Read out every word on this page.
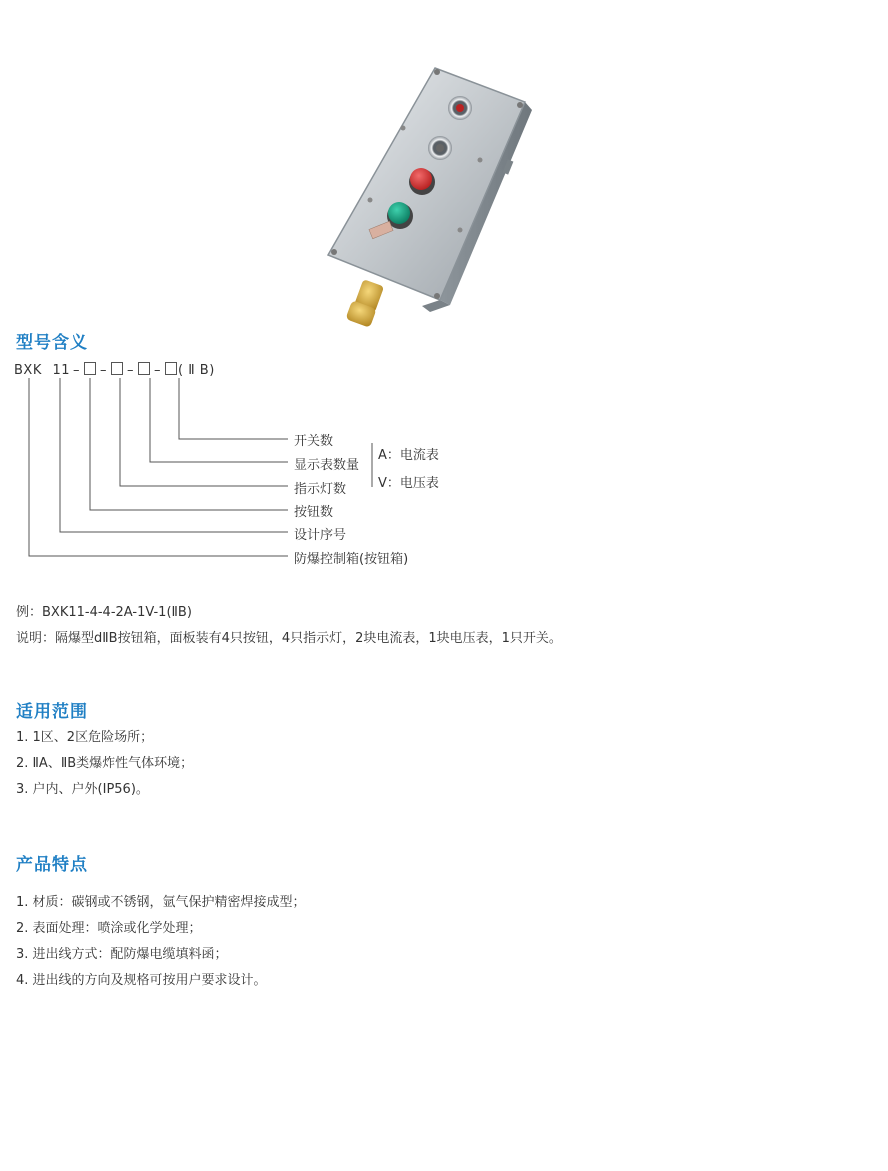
型号含义
BXK 11 – – – – ( Ⅱ B)
开关数
显示表数量
指示灯数
按钮数
设计序号
防爆控制箱(按钮箱)
A：电流表
V：电压表
例：BXK11-4-4-2A-1V-1(ⅡB)
说明：隔爆型dⅡB按钮箱，面板装有4只按钮，4只指示灯，2块电流表，1块电压表，1只开关。
适用范围
1. 1区、2区危险场所；
2. ⅡA、ⅡB类爆炸性气体环境；
3. 户内、户外(IP56)。
产品特点
1. 材质：碳钢或不锈钢，氩气保护精密焊接成型；
2. 表面处理：喷涂或化学处理；
3. 进出线方式：配防爆电缆填料函；
4. 进出线的方向及规格可按用户要求设计。
